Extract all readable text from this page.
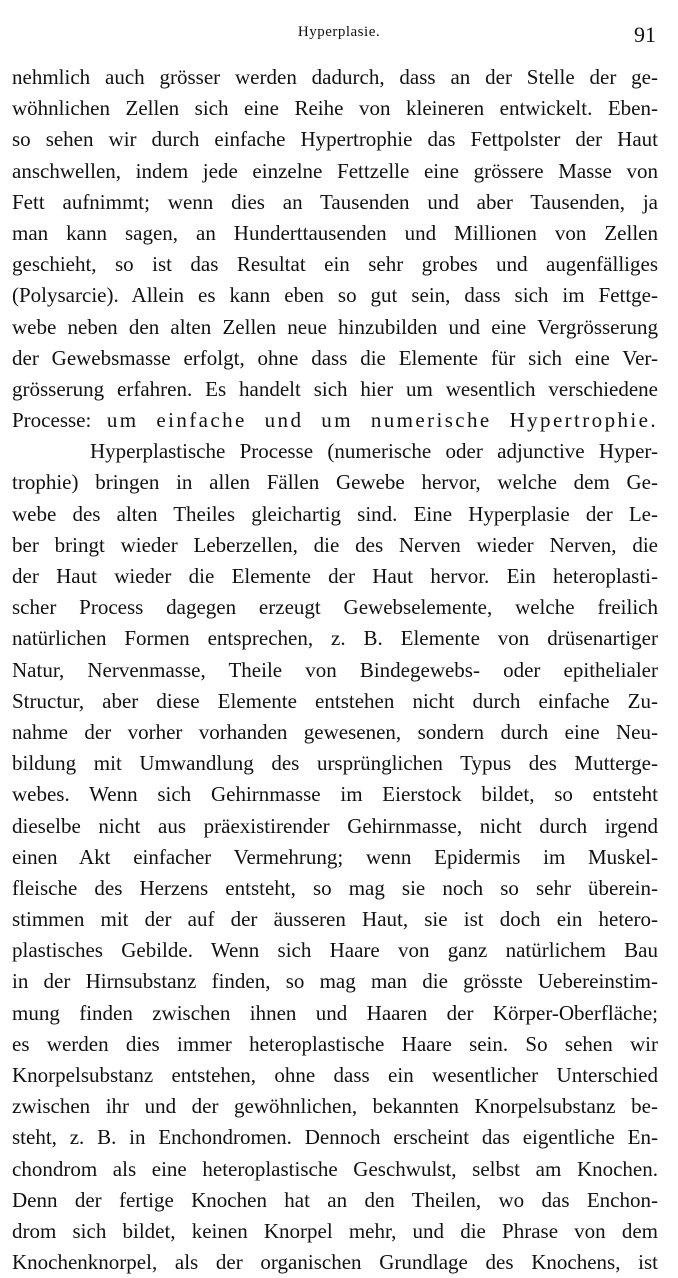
Hyperplasie.	91
nehmlich auch grösser werden dadurch, dass an der Stelle der ge-
wöhnlichen Zellen sich eine Reihe von kleineren entwickelt. Eben-
so sehen wir durch einfache Hypertrophie das Fettpolster der Haut
anschwellen, indem jede einzelne Fettzelle eine grössere Masse von
Fett aufnimmt; wenn dies an Tausenden und aber Tausenden, ja
man kann sagen, an Hunderttausenden und Millionen von Zellen
geschieht, so ist das Resultat ein sehr grobes und augenfälliges
(Polysarcie). Allein es kann eben so gut sein, dass sich im Fettge-
webe neben den alten Zellen neue hinzubilden und eine Vergrösserung
der Gewebsmasse erfolgt, ohne dass die Elemente für sich eine Ver-
grösserung erfahren. Es handelt sich hier um wesentlich verschiedene
Processe: um einfache und um numerische Hypertrophie.
Hyperplastische Processe (numerische oder adjunctive Hyper-
trophie) bringen in allen Fällen Gewebe hervor, welche dem Ge-
webe des alten Theiles gleichartig sind. Eine Hyperplasie der Le-
ber bringt wieder Leberzellen, die des Nerven wieder Nerven, die
der Haut wieder die Elemente der Haut hervor. Ein heteroplasti-
scher Process dagegen erzeugt Gewebselemente, welche freilich
natürlichen Formen entsprechen, z. B. Elemente von drüsenartiger
Natur, Nervenmasse, Theile von Bindegewebs- oder epithelialer
Structur, aber diese Elemente entstehen nicht durch einfache Zu-
nahme der vorher vorhanden gewesenen, sondern durch eine Neu-
bildung mit Umwandlung des ursprünglichen Typus des Mutterge-
webes. Wenn sich Gehirnmasse im Eierstock bildet, so entsteht
dieselbe nicht aus präexistirender Gehirnmasse, nicht durch irgend
einen Akt einfacher Vermehrung; wenn Epidermis im Muskel-
fleische des Herzens entsteht, so mag sie noch so sehr überein-
stimmen mit der auf der äusseren Haut, sie ist doch ein hetero-
plastisches Gebilde. Wenn sich Haare von ganz natürlichem Bau
in der Hirnsubstanz finden, so mag man die grösste Uebereinstim-
mung finden zwischen ihnen und Haaren der Körper-Oberfläche;
es werden dies immer heteroplastische Haare sein. So sehen wir
Knorpelsubstanz entstehen, ohne dass ein wesentlicher Unterschied
zwischen ihr und der gewöhnlichen, bekannten Knorpelsubstanz be-
steht, z. B. in Enchondromen. Dennoch erscheint das eigentliche En-
chondrom als eine heteroplastische Geschwulst, selbst am Knochen.
Denn der fertige Knochen hat an den Theilen, wo das Enchon-
drom sich bildet, keinen Knorpel mehr, und die Phrase von dem
Knochenknorpel, als der organischen Grundlage des Knochens, ist
